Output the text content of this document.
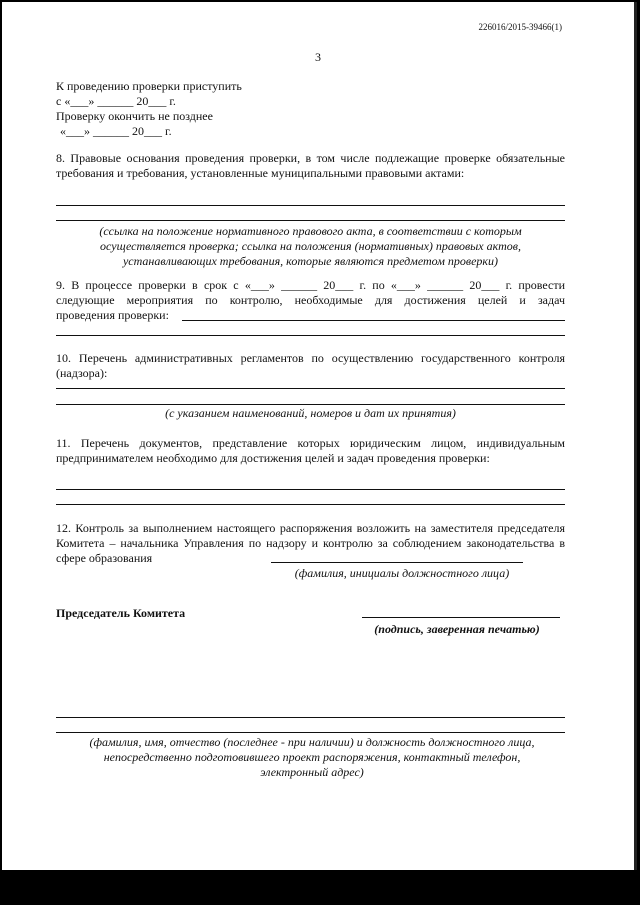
226016/2015-39466(1)
3
К проведению проверки приступить
с «___» ______ 20___ г.
Проверку окончить не позднее
«___» ______ 20___ г.
8. Правовые основания проведения проверки, в том числе подлежащие проверке обязательные требования и требования, установленные муниципальными правовыми актами:
(ссылка на положение нормативного правового акта, в соответствии с которым осуществляется проверка; ссылка на положения (нормативных) правовых актов, устанавливающих требования, которые являются предметом проверки)
9. В процессе проверки в срок с «___» ______ 20___ г. по «___» ______ 20___ г. провести
следующие мероприятия по контролю, необходимые для достижения целей и задач
проведения проверки:
10. Перечень административных регламентов по осуществлению государственного контроля (надзора):
(с указанием наименований, номеров и дат их принятия)
11. Перечень документов, представление которых юридическим лицом, индивидуальным предпринимателем необходимо для достижения целей и задач проведения проверки:
12. Контроль за выполнением настоящего распоряжения возложить на заместителя председателя Комитета – начальника Управления по надзору и контролю за соблюдением законодательства в сфере образования
(фамилия, инициалы должностного лица)
Председатель Комитета
(подпись, заверенная печатью)
(фамилия, имя, отчество (последнее - при наличии) и должность должностного лица, непосредственно подготовившего проект распоряжения, контактный телефон, электронный адрес)
